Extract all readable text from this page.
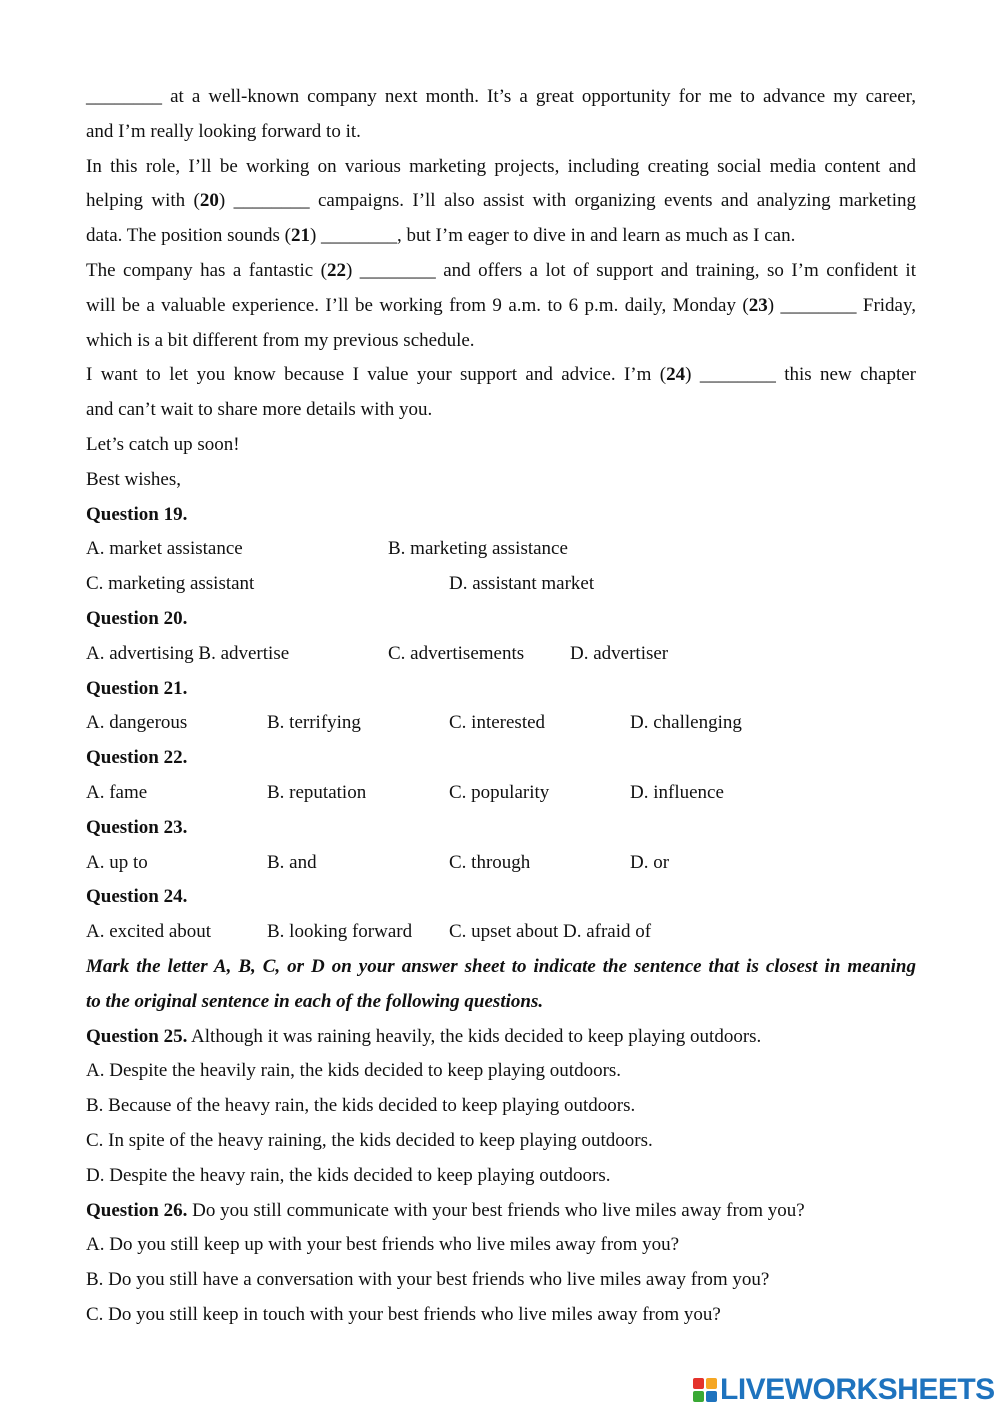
________ at a well-known company next month. It’s a great opportunity for me to advance my career,
and I’m really looking forward to it.
In this role, I’ll be working on various marketing projects, including creating social media content and
helping with (20) ________ campaigns. I’ll also assist with organizing events and analyzing marketing
data. The position sounds (21) ________, but I’m eager to dive in and learn as much as I can.
The company has a fantastic (22) ________ and offers a lot of support and training, so I’m confident it
will be a valuable experience. I’ll be working from 9 a.m. to 6 p.m. daily, Monday (23) ________ Friday,
which is a bit different from my previous schedule.
I want to let you know because I value your support and advice. I’m (24) ________ this new chapter
and can’t wait to share more details with you.
Let’s catch up soon!
Best wishes,
Question 19.
A. market assistance	B. marketing assistance
C. marketing assistant	D. assistant market
Question 20.
A. advertising B. advertise	C. advertisements D. advertiser
Question 21.
A. dangerous	B. terrifying	C. interested	D. challenging
Question 22.
A. fame	B. reputation	C. popularity	D. influence
Question 23.
A. up to	B. and	C. through	D. or
Question 24.
A. excited about	B. looking forward C. upset about D. afraid of
Mark the letter A, B, C, or D on your answer sheet to indicate the sentence that is closest in meaning
to the original sentence in each of the following questions.
Question 25. Although it was raining heavily, the kids decided to keep playing outdoors.
A. Despite the heavily rain, the kids decided to keep playing outdoors.
B. Because of the heavy rain, the kids decided to keep playing outdoors.
C. In spite of the heavy raining, the kids decided to keep playing outdoors.
D. Despite the heavy rain, the kids decided to keep playing outdoors.
Question 26. Do you still communicate with your best friends who live miles away from you?
A. Do you still keep up with your best friends who live miles away from you?
B. Do you still have a conversation with your best friends who live miles away from you?
C. Do you still keep in touch with your best friends who live miles away from you?
LIVEWORKSHEETS
